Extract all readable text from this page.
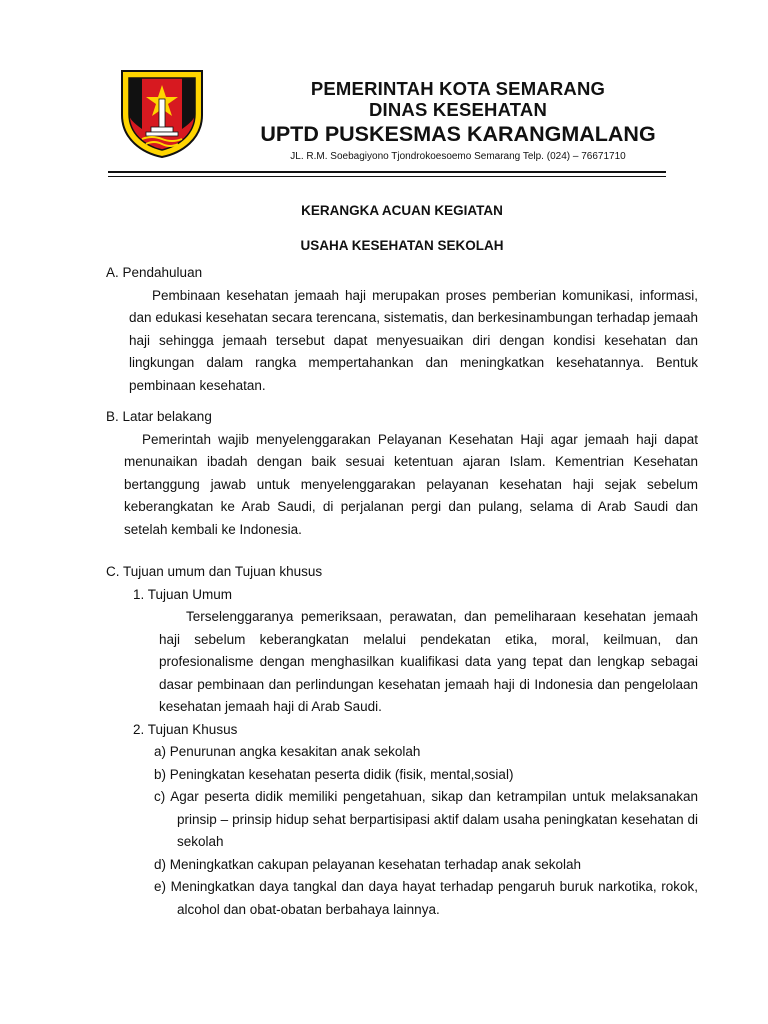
PEMERINTAH KOTA SEMARANG
DINAS KESEHATAN
UPTD PUSKESMAS KARANGMALANG
JL. R.M. Soebagiyono Tjondrokoesoemo Semarang Telp. (024) – 76671710
KERANGKA ACUAN KEGIATAN
USAHA KESEHATAN SEKOLAH

A. Pendahuluan

Pembinaan kesehatan jemaah haji merupakan proses pemberian komunikasi, informasi, dan edukasi kesehatan secara terencana, sistematis, dan berkesinambungan terhadap jemaah haji sehingga jemaah tersebut dapat menyesuaikan diri dengan kondisi kesehatan dan lingkungan dalam rangka mempertahankan dan meningkatkan kesehatannya. Bentuk pembinaan kesehatan.

B. Latar belakang

Pemerintah wajib menyelenggarakan Pelayanan Kesehatan Haji agar jemaah haji dapat menunaikan ibadah dengan baik sesuai ketentuan ajaran Islam. Kementrian Kesehatan bertanggung jawab untuk menyelenggarakan pelayanan kesehatan haji sejak sebelum keberangkatan ke Arab Saudi, di perjalanan pergi dan pulang, selama di Arab Saudi dan setelah kembali ke Indonesia.

C. Tujuan umum dan Tujuan khusus

1. Tujuan Umum

Terselenggaranya pemeriksaan, perawatan, dan pemeliharaan kesehatan jemaah haji sebelum keberangkatan melalui pendekatan etika, moral, keilmuan, dan profesionalisme dengan menghasilkan kualifikasi data yang tepat dan lengkap sebagai dasar pembinaan dan perlindungan kesehatan jemaah haji di Indonesia dan pengelolaan kesehatan jemaah haji di Arab Saudi.

2. Tujuan Khusus

a) Penurunan angka kesakitan anak sekolah

b) Peningkatan kesehatan peserta didik (fisik, mental,sosial)

c) Agar peserta didik memiliki pengetahuan, sikap dan ketrampilan untuk melaksanakan prinsip – prinsip hidup sehat berpartisipasi aktif dalam usaha peningkatan kesehatan di sekolah

d) Meningkatkan cakupan pelayanan kesehatan terhadap anak sekolah

e) Meningkatkan daya tangkal dan daya hayat terhadap pengaruh buruk narkotika, rokok, alcohol dan obat-obatan berbahaya lainnya.
